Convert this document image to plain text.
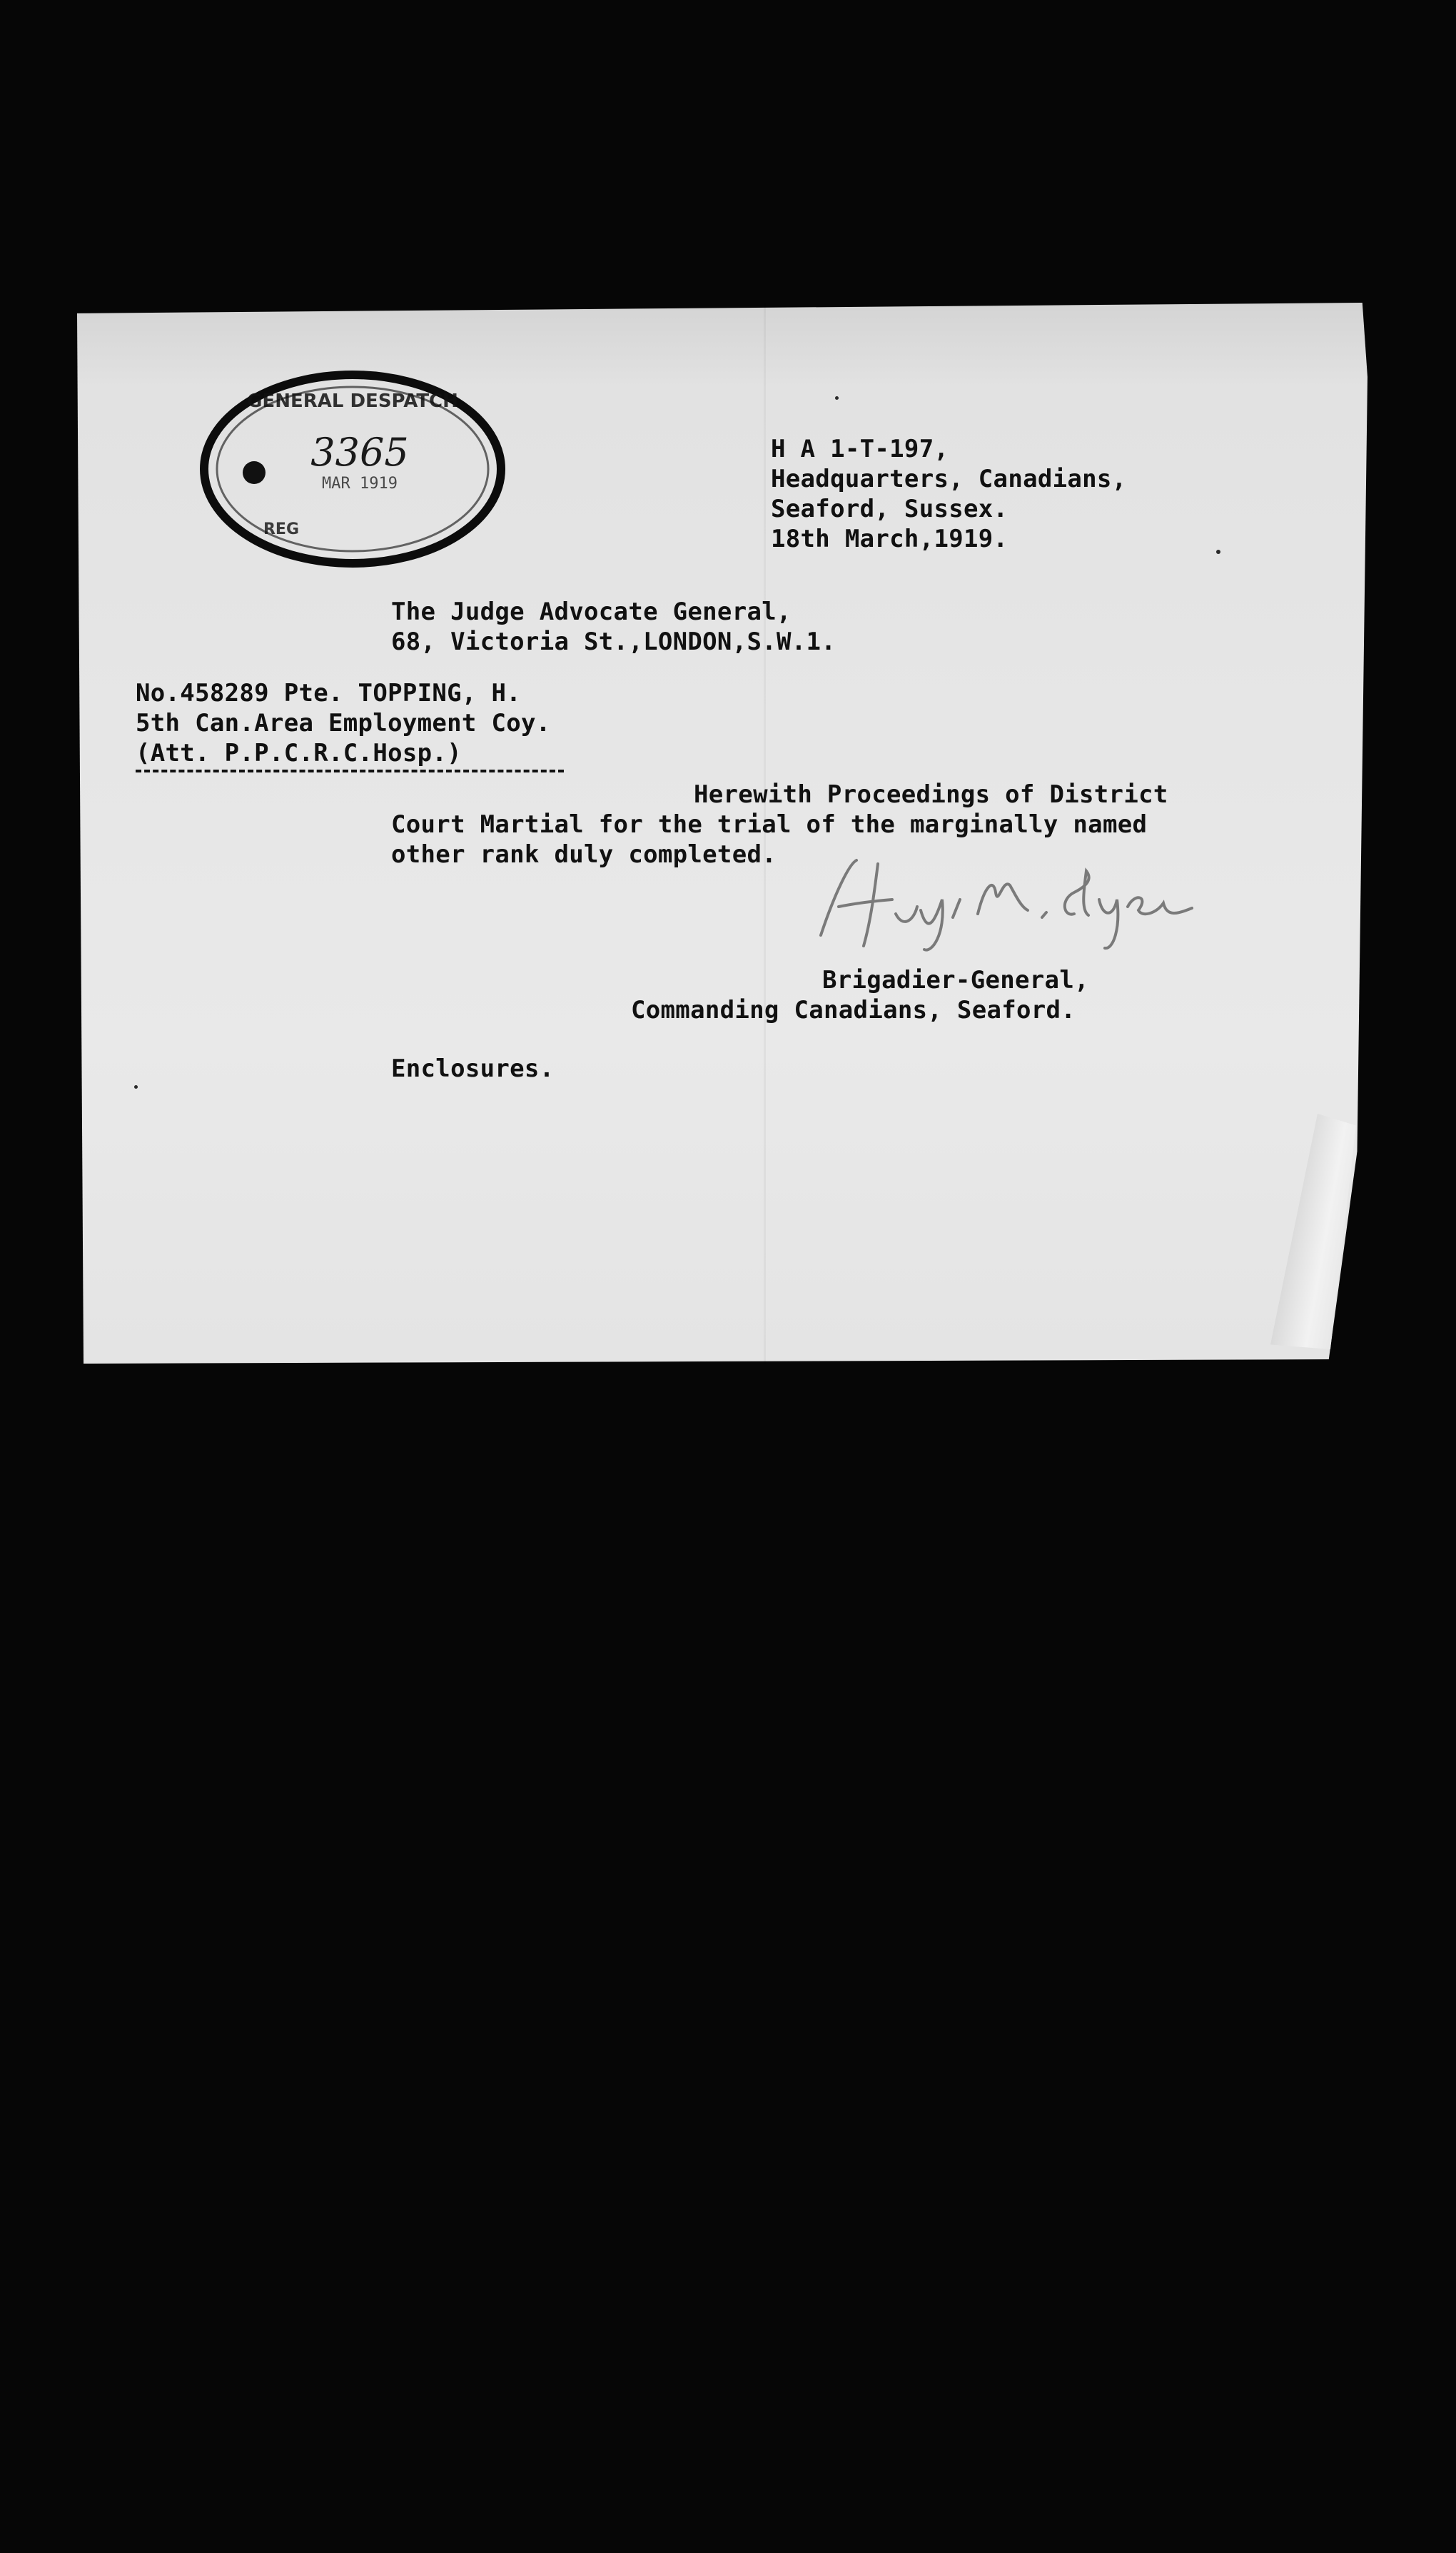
GENERAL DESPATCH
3365
MAR 1919
REG
H A 1-T-197,
Headquarters, Canadians,
Seaford, Sussex.
18th March,1919.
The Judge Advocate General,
68, Victoria St.,LONDON,S.W.1.
No.458289 Pte. TOPPING, H.
5th Can.Area Employment Coy.
(Att. P.P.C.R.C.Hosp.)
Herewith Proceedings of District
Court Martial for the trial of the marginally named
other rank duly completed.
Brigadier-General,
Commanding Canadians, Seaford.
Enclosures.
